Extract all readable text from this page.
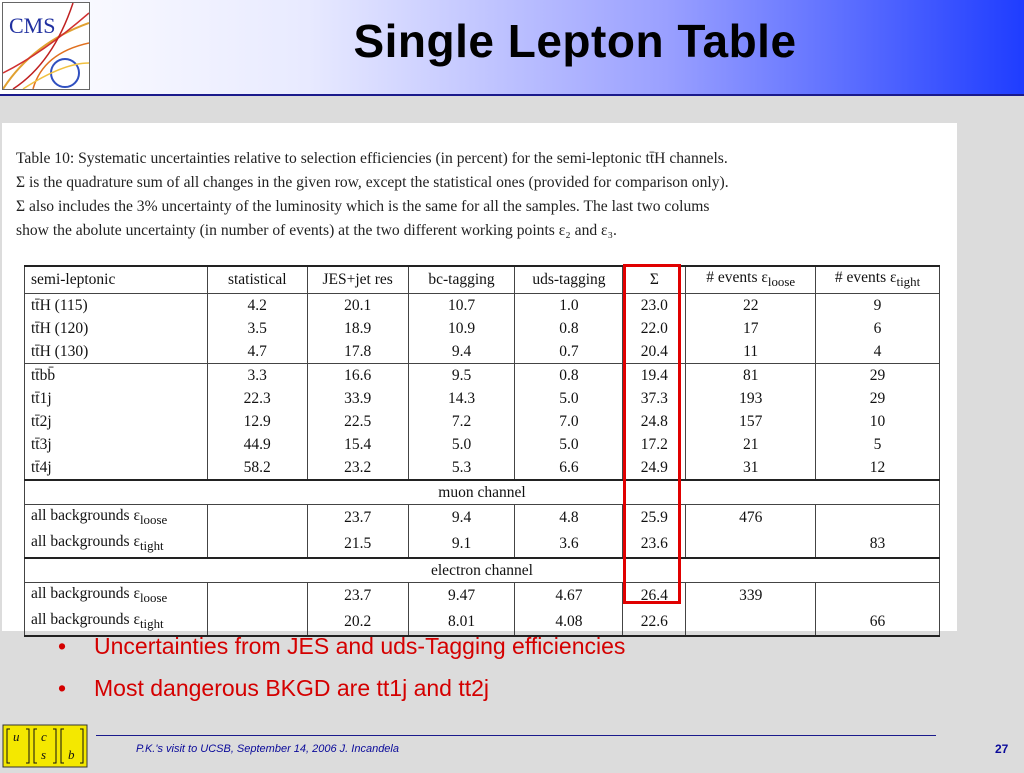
CMS	Single Lepton Table
Table 10: Systematic uncertainties relative to selection efficiencies (in percent) for the semi-leptonic tt̄H channels.
Σ is the quadrature sum of all changes in the given row, except the statistical ones (provided for comparison only).
Σ also includes the 3% uncertainty of the luminosity which is the same for all the samples. The last two colums
show the abolute uncertainty (in number of events) at the two different working points ε₂ and ε₃.
semi-leptonic	statistical	JES+jet res	bc-tagging	uds-tagging	Σ	# events $\varepsilon_{loose}$	# events $\varepsilon_{tight}$
tt̄H (115)	4.2	20.1	10.7	1.0	23.0	22	9
tt̄H (120)	3.5	18.9	10.9	0.8	22.0	17	6
tt̄H (130)	4.7	17.8	9.4	0.7	20.4	11	4
tt̄bb̄	3.3	16.6	9.5	0.8	19.4	81	29
tt̄1j	22.3	33.9	14.3	5.0	37.3	193	29
tt̄2j	12.9	22.5	7.2	7.0	24.8	157	10
tt̄3j	44.9	15.4	5.0	5.0	17.2	21	5
tt̄4j	58.2	23.2	5.3	6.6	24.9	31	12
muon channel							
all backgrounds $\varepsilon_{loose}$		23.7	9.4	4.8	25.9	476	
all backgrounds $\varepsilon_{tight}$		21.5	9.1	3.6	23.6		83
electron channel							
all backgrounds $\varepsilon_{loose}$		23.7	9.47	4.67	26.4	339	
all backgrounds $\varepsilon_{tight}$		20.2	8.01	4.08	22.6		66
• Uncertainties from JES and uds-Tagging efficiencies
• Most dangerous BKGD are tt1j and tt2j
u c
s b	P.K.'s visit to UCSB, September 14, 2006 J. Incandela	27
